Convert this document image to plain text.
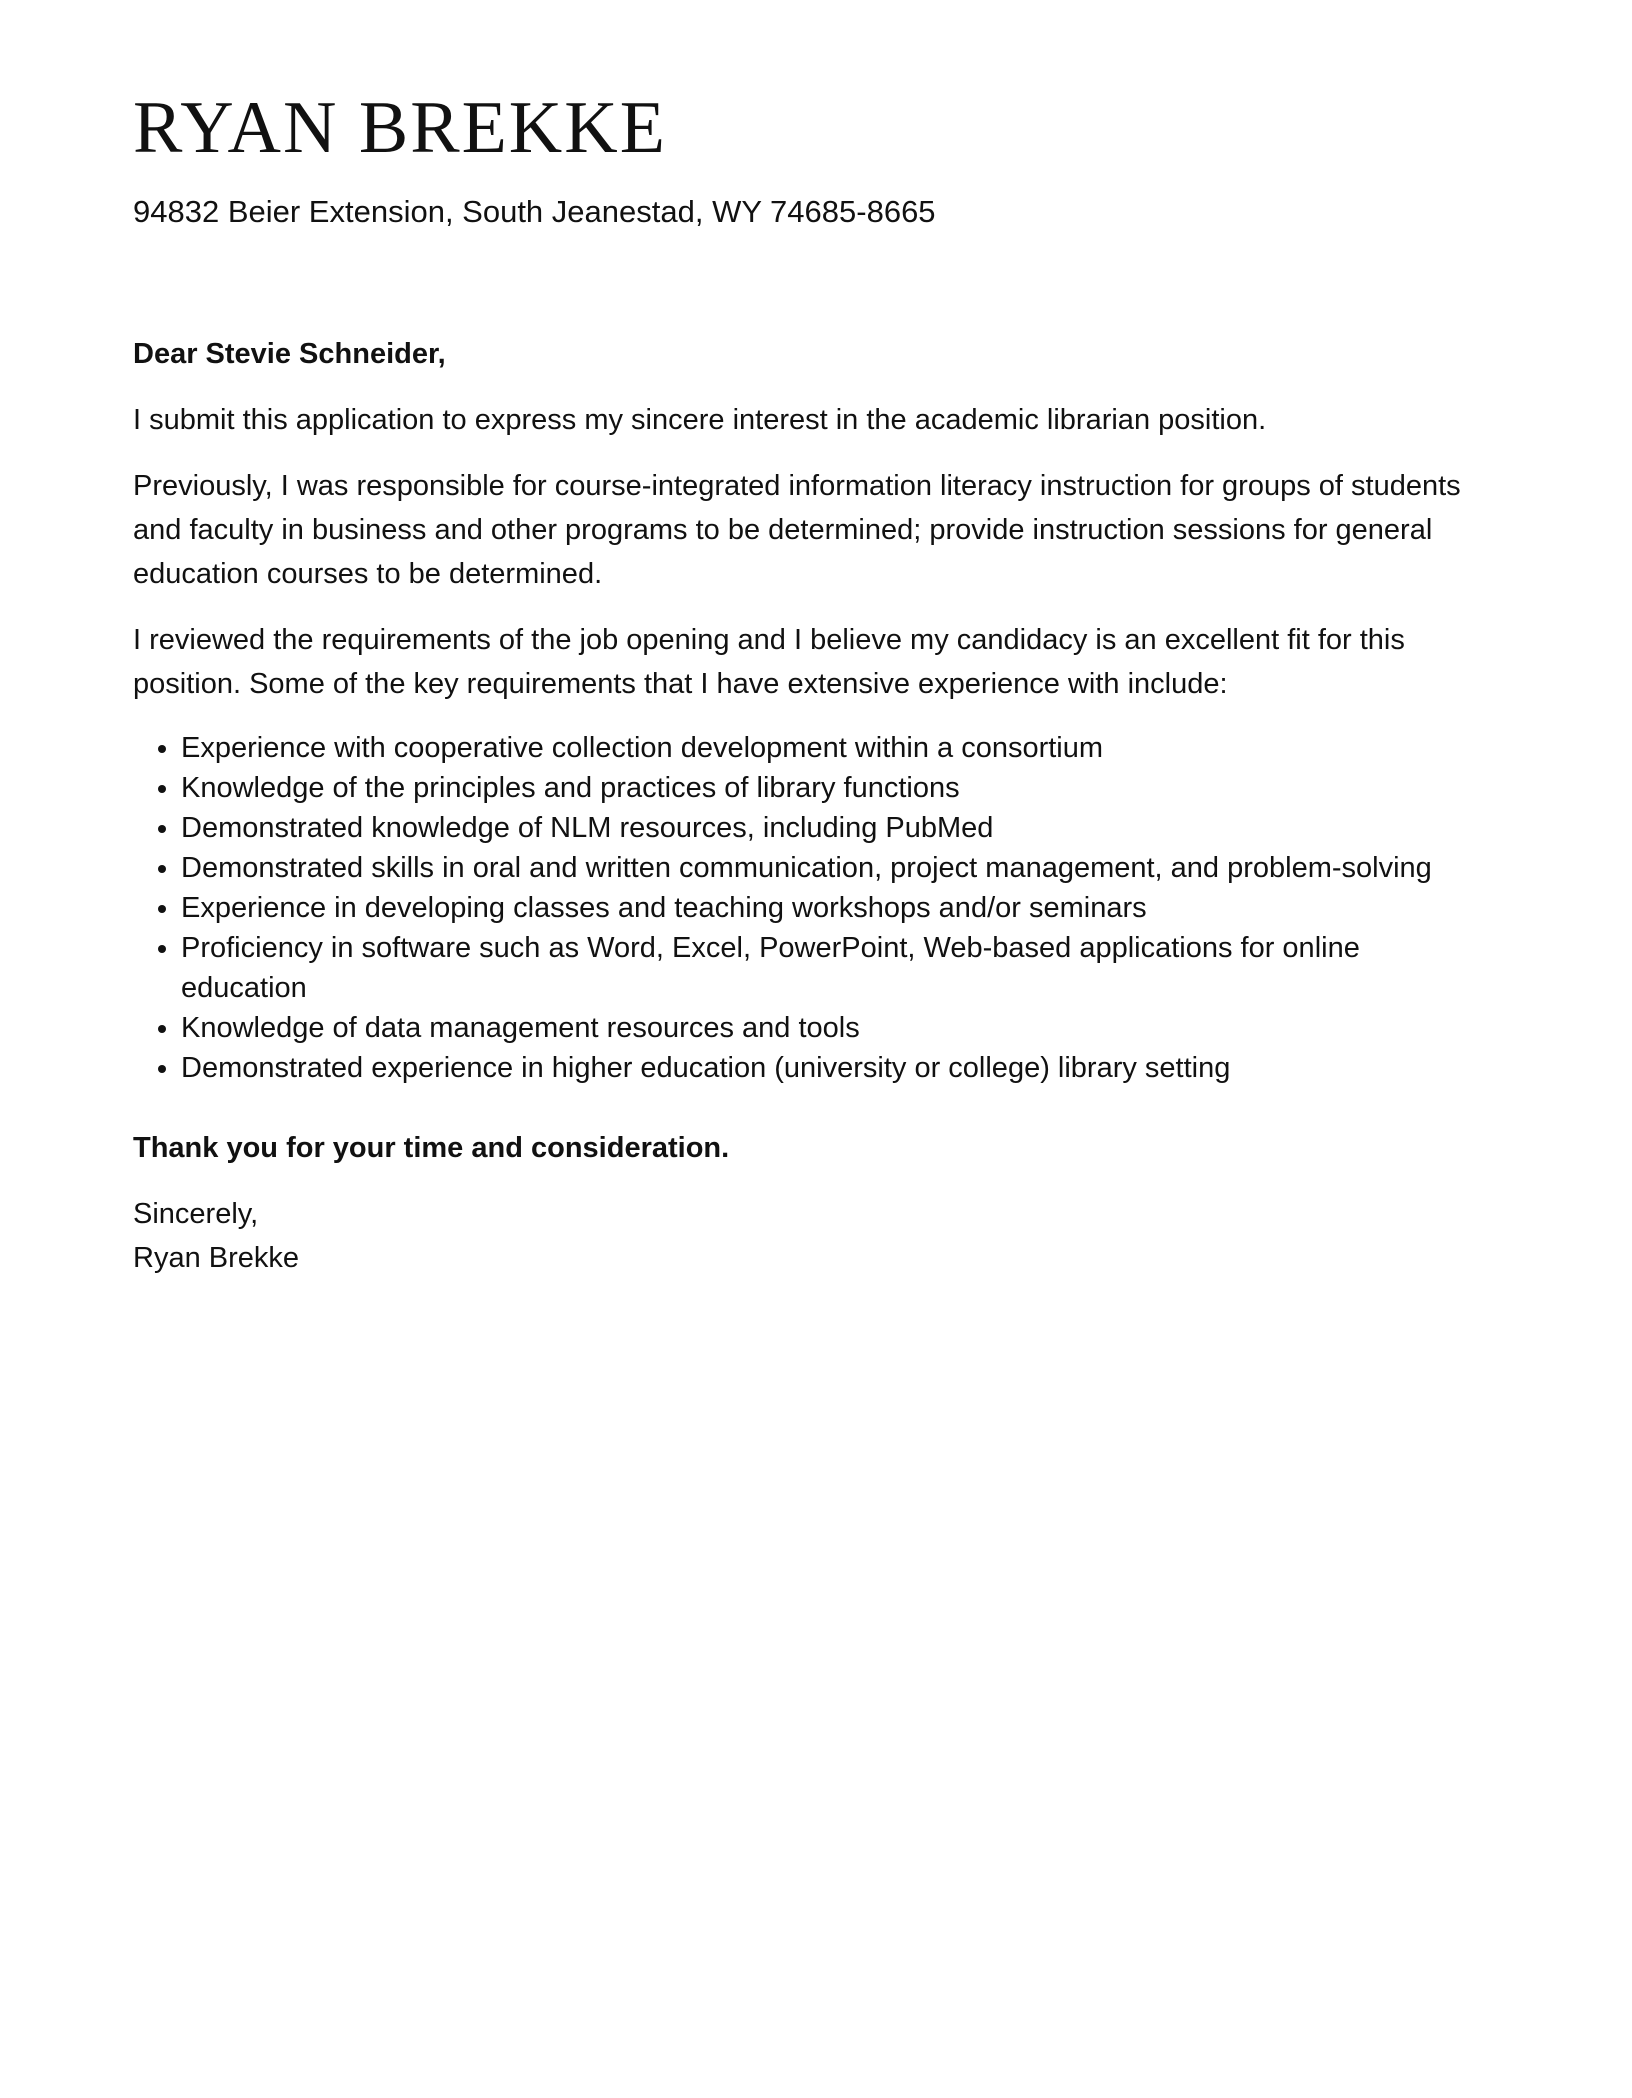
RYAN BREKKE
94832 Beier Extension, South Jeanestad, WY 74685-8665

Dear Stevie Schneider,

I submit this application to express my sincere interest in the academic librarian position.

Previously, I was responsible for course-integrated information literacy instruction for groups of students and faculty in business and other programs to be determined; provide instruction sessions for general education courses to be determined.

I reviewed the requirements of the job opening and I believe my candidacy is an excellent fit for this position. Some of the key requirements that I have extensive experience with include:

• Experience with cooperative collection development within a consortium
• Knowledge of the principles and practices of library functions
• Demonstrated knowledge of NLM resources, including PubMed
• Demonstrated skills in oral and written communication, project management, and problem-solving
• Experience in developing classes and teaching workshops and/or seminars
• Proficiency in software such as Word, Excel, PowerPoint, Web-based applications for online education
• Knowledge of data management resources and tools
• Demonstrated experience in higher education (university or college) library setting

Thank you for your time and consideration.

Sincerely,
Ryan Brekke
